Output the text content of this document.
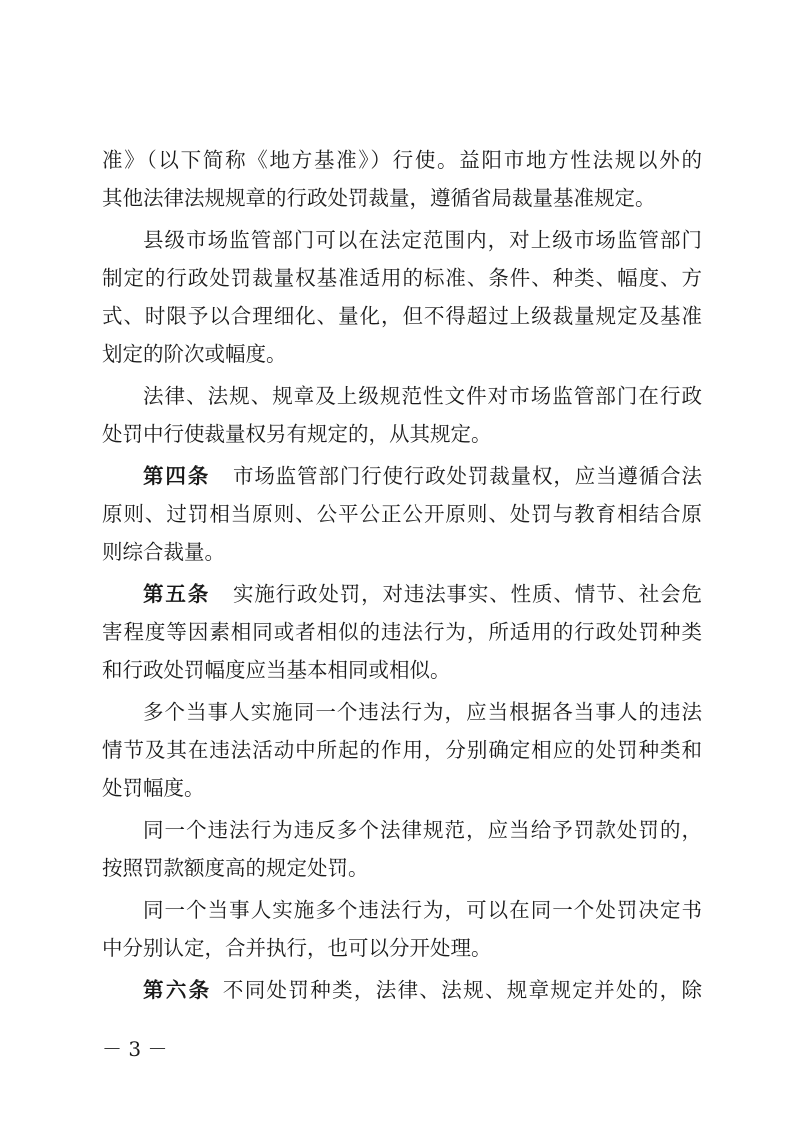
准》（以下简称《地方基准》）行使。益阳市地方性法规以外的
其他法律法规规章的行政处罚裁量，遵循省局裁量基准规定。
县级市场监管部门可以在法定范围内，对上级市场监管部门
制定的行政处罚裁量权基准适用的标准、条件、种类、幅度、方
式、时限予以合理细化、量化，但不得超过上级裁量规定及基准
划定的阶次或幅度。
法律、法规、规章及上级规范性文件对市场监管部门在行政
处罚中行使裁量权另有规定的，从其规定。
第四条 市场监管部门行使行政处罚裁量权，应当遵循合法
原则、过罚相当原则、公平公正公开原则、处罚与教育相结合原
则综合裁量。
第五条 实施行政处罚，对违法事实、性质、情节、社会危
害程度等因素相同或者相似的违法行为，所适用的行政处罚种类
和行政处罚幅度应当基本相同或相似。
多个当事人实施同一个违法行为，应当根据各当事人的违法
情节及其在违法活动中所起的作用，分别确定相应的处罚种类和
处罚幅度。
同一个违法行为违反多个法律规范，应当给予罚款处罚的，
按照罚款额度高的规定处罚。
同一个当事人实施多个违法行为，可以在同一个处罚决定书
中分别认定，合并执行，也可以分开处理。
第六条 不同处罚种类，法律、法规、规章规定并处的，除
－ 3 －
